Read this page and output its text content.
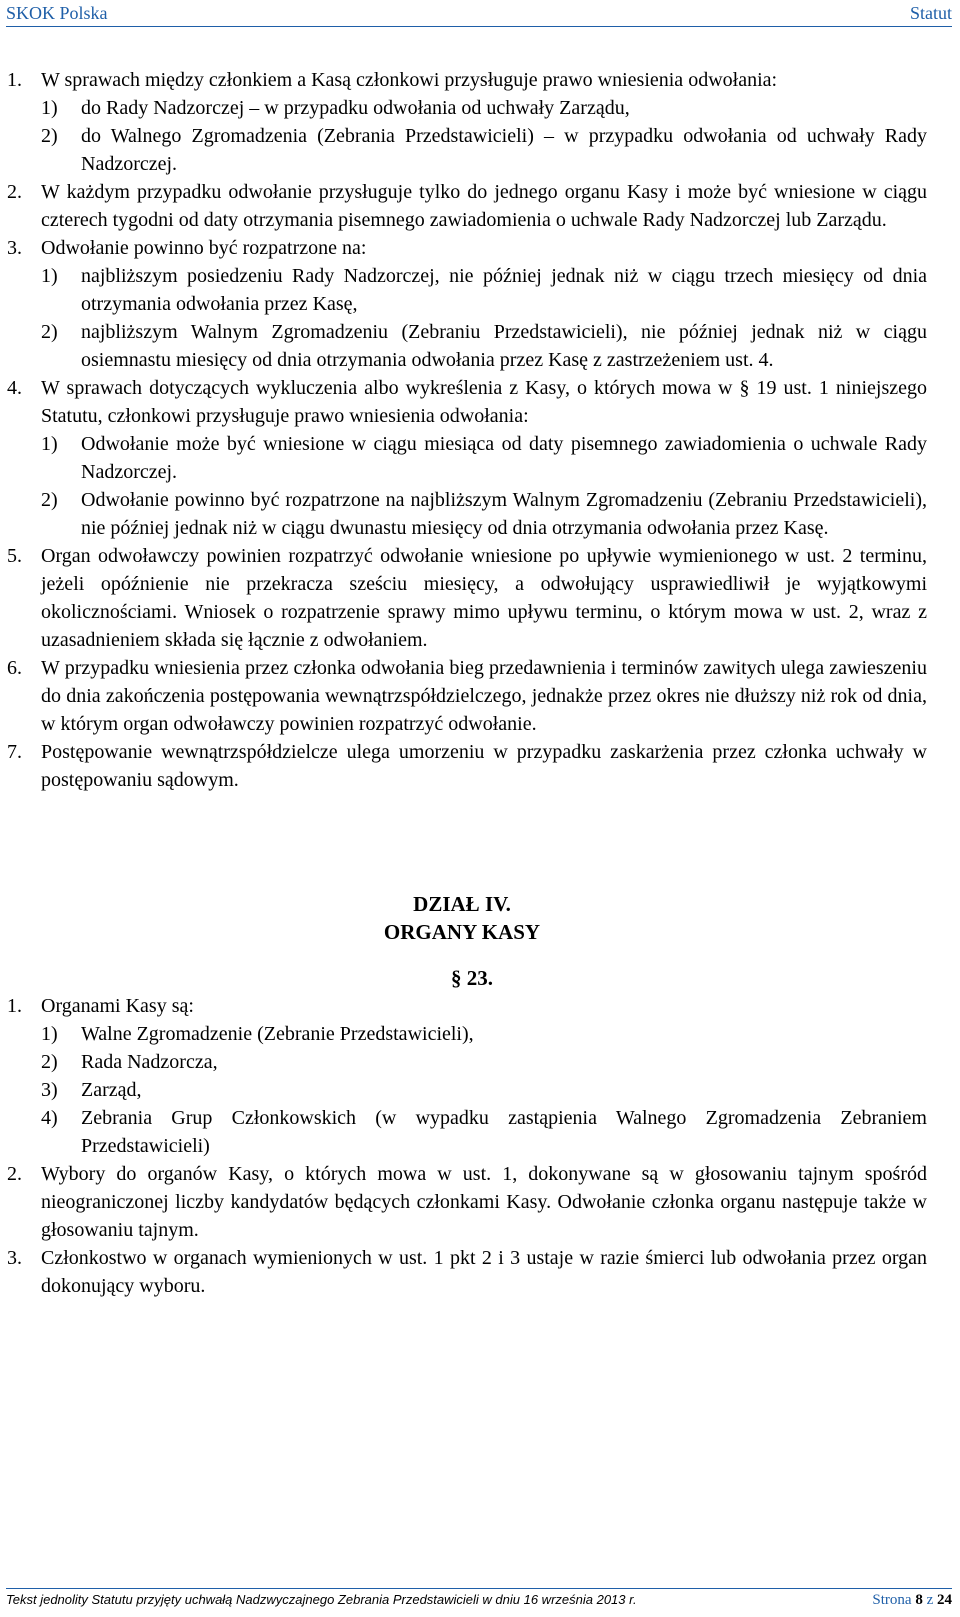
SKOK Polska	Statut
1. W sprawach między członkiem a Kasą członkowi przysługuje prawo wniesienia odwołania:

1)	do Rady Nadzorczej – w przypadku odwołania od uchwały Zarządu,
2)	do Walnego Zgromadzenia (Zebrania Przedstawicieli) – w przypadku odwołania od uchwały Rady Nadzorczej.
2. W każdym przypadku odwołanie przysługuje tylko do jednego organu Kasy i może być wniesione w ciągu czterech tygodni od daty otrzymania pisemnego zawiadomienia o uchwale Rady Nadzorczej lub Zarządu.

3. Odwołanie powinno być rozpatrzone na:

1)	najbliższym posiedzeniu Rady Nadzorczej, nie później jednak niż w ciągu trzech miesięcy od dnia otrzymania odwołania przez Kasę,
2)	najbliższym Walnym Zgromadzeniu (Zebraniu Przedstawicieli), nie później jednak niż w ciągu osiemnastu miesięcy od dnia otrzymania odwołania przez Kasę z zastrzeżeniem ust. 4.
4. W sprawach dotyczących wykluczenia albo wykreślenia z Kasy, o których mowa w § 19 ust. 1 niniejszego Statutu, członkowi przysługuje prawo wniesienia odwołania:

1)	Odwołanie może być wniesione w ciągu miesiąca od daty pisemnego zawiadomienia o uchwale Rady Nadzorczej.
2)	Odwołanie powinno być rozpatrzone na najbliższym Walnym Zgromadzeniu (Zebraniu Przedstawicieli), nie później jednak niż w ciągu dwunastu miesięcy od dnia otrzymania odwołania przez Kasę.
5. Organ odwoławczy powinien rozpatrzyć odwołanie wniesione po upływie wymienionego w ust. 2 terminu, jeżeli opóźnienie nie przekracza sześciu miesięcy, a odwołujący usprawiedliwił je wyjątkowymi okolicznościami. Wniosek o rozpatrzenie sprawy mimo upływu terminu, o którym mowa w ust. 2, wraz z uzasadnieniem składa się łącznie z odwołaniem.

6. W przypadku wniesienia przez członka odwołania bieg przedawnienia i terminów zawitych ulega zawieszeniu do dnia zakończenia postępowania wewnątrzspółdzielczego, jednakże przez okres nie dłuższy niż rok od dnia, w którym organ odwoławczy powinien rozpatrzyć odwołanie.

7. Postępowanie wewnątrzspółdzielcze ulega umorzeniu w przypadku zaskarżenia przez członka uchwały w postępowaniu sądowym.

DZIAŁ IV.
ORGANY KASY
§ 23.
1. Organami Kasy są:

1)	Walne Zgromadzenie (Zebranie Przedstawicieli),
2)	Rada Nadzorcza,
3)	Zarząd,
4)	Zebrania Grup Członkowskich (w wypadku zastąpienia Walnego Zgromadzenia Zebraniem Przedstawicieli)
2. Wybory do organów Kasy, o których mowa w ust. 1, dokonywane są w głosowaniu tajnym spośród nieograniczonej liczby kandydatów będących członkami Kasy. Odwołanie członka organu następuje także w głosowaniu tajnym.

3. Członkostwo w organach wymienionych w ust. 1 pkt 2 i 3 ustaje w razie śmierci lub odwołania przez organ dokonujący wyboru.

Tekst jednolity Statutu przyjęty uchwałą Nadzwyczajnego Zebrania Przedstawicieli w dniu 16 września 2013 r.	Strona 8 z 24
